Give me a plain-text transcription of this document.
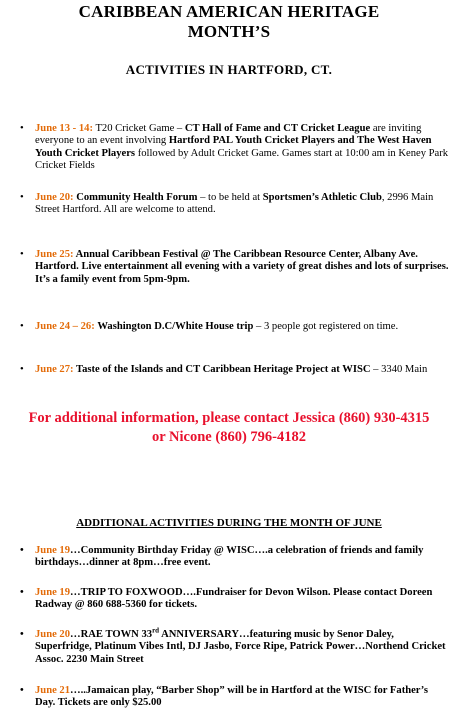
CARIBBEAN AMERICAN HERITAGE
MONTH’S
ACTIVITIES IN HARTFORD, CT.
• June 13 - 14: T20 Cricket Game – CT Hall of Fame and CT Cricket League are inviting everyone to an event involving Hartford PAL Youth Cricket Players and The West Haven Youth Cricket Players followed by Adult Cricket Game. Games start at 10:00 am in Keney Park Cricket Fields
• June 20: Community Health Forum – to be held at Sportsmen’s Athletic Club, 2996 Main Street Hartford. All are welcome to attend.
• June 25: Annual Caribbean Festival @ The Caribbean Resource Center, Albany Ave. Hartford. Live entertainment all evening with a variety of great dishes and lots of surprises. It’s a family event from 5pm-9pm.
• June 24 – 26: Washington D.C/White House trip – 3 people got registered on time.
• June 27: Taste of the Islands and CT Caribbean Heritage Project at WISC – 3340 Main
For additional information, please contact Jessica (860) 930-4315
or Nicone (860) 796-4182
ADDITIONAL ACTIVITIES DURING THE MONTH OF JUNE
• June 19…Community Birthday Friday @ WISC….a celebration of friends and family birthdays…dinner at 8pm…free event.
• June 19…TRIP TO FOXWOOD….Fundraiser for Devon Wilson. Please contact Doreen Radway @ 860 688-5360 for tickets.
• June 20…RAE TOWN 33rd ANNIVERSARY…featuring music by Senor Daley, Superfridge, Platinum Vibes Intl, DJ Jasbo, Force Ripe, Patrick Power…Northend Cricket Assoc. 2230 Main Street
• June 21…..Jamaican play, “Barber Shop” will be in Hartford at the WISC for Father’s Day. Tickets are only $25.00
